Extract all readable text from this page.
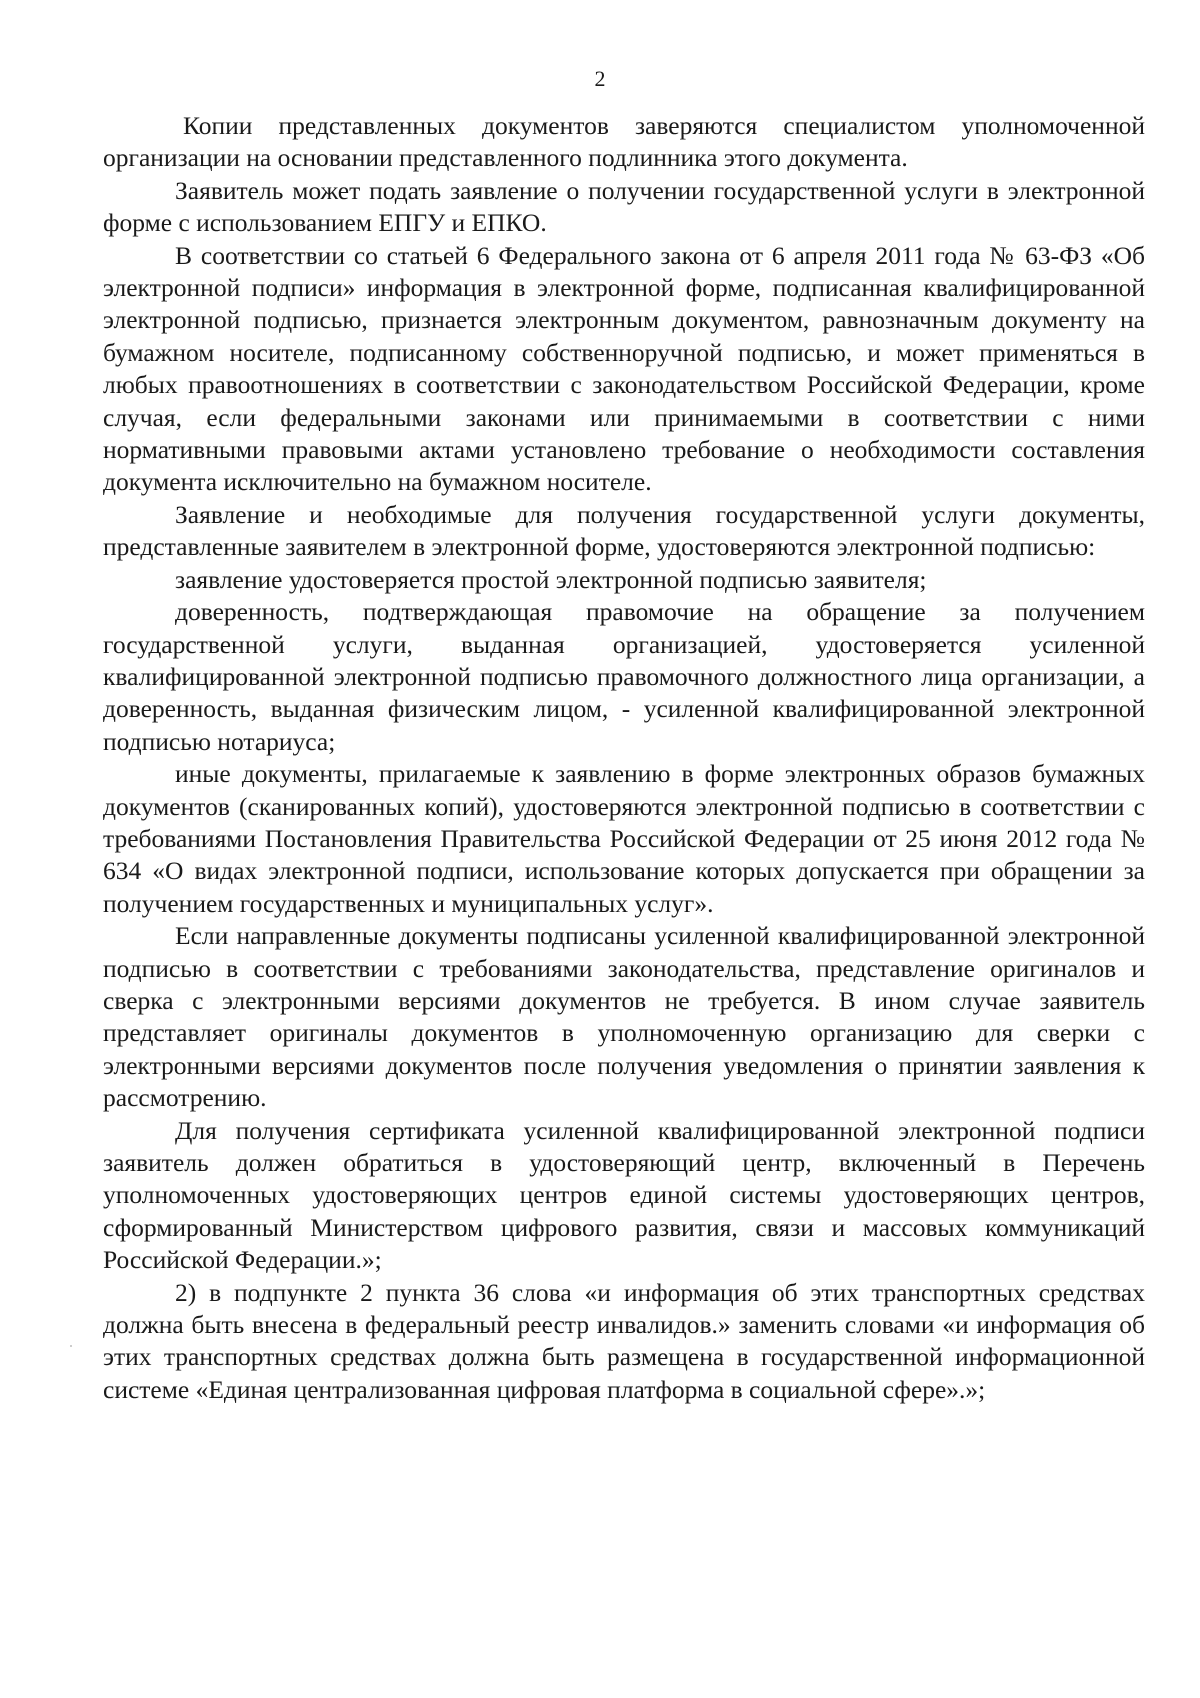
2

Копии представленных документов заверяются специалистом уполномоченной организации на основании представленного подлинника этого документа.

Заявитель может подать заявление о получении государственной услуги в электронной форме с использованием ЕПГУ и ЕПКО.

В соответствии со статьей 6 Федерального закона от 6 апреля 2011 года № 63-ФЗ «Об электронной подписи» информация в электронной форме, подписанная квалифицированной электронной подписью, признается электронным документом, равнозначным документу на бумажном носителе, подписанному собственноручной подписью, и может применяться в любых правоотношениях в соответствии с законодательством Российской Федерации, кроме случая, если федеральными законами или принимаемыми в соответствии с ними нормативными правовыми актами установлено требование о необходимости составления документа исключительно на бумажном носителе.

Заявление и необходимые для получения государственной услуги документы, представленные заявителем в электронной форме, удостоверяются электронной подписью:

заявление удостоверяется простой электронной подписью заявителя;

доверенность, подтверждающая правомочие на обращение за получением государственной услуги, выданная организацией, удостоверяется усиленной квалифицированной электронной подписью правомочного должностного лица организации, а доверенность, выданная физическим лицом, - усиленной квалифицированной электронной подписью нотариуса;

иные документы, прилагаемые к заявлению в форме электронных образов бумажных документов (сканированных копий), удостоверяются электронной подписью в соответствии с требованиями Постановления Правительства Российской Федерации от 25 июня 2012 года № 634 «О видах электронной подписи, использование которых допускается при обращении за получением государственных и муниципальных услуг».

Если направленные документы подписаны усиленной квалифицированной электронной подписью в соответствии с требованиями законодательства, представление оригиналов и сверка с электронными версиями документов не требуется. В ином случае заявитель представляет оригиналы документов в уполномоченную организацию для сверки с электронными версиями документов после получения уведомления о принятии заявления к рассмотрению.

Для получения сертификата усиленной квалифицированной электронной подписи заявитель должен обратиться в удостоверяющий центр, включенный в Перечень уполномоченных удостоверяющих центров единой системы удостоверяющих центров, сформированный Министерством цифрового развития, связи и массовых коммуникаций Российской Федерации.»;

2) в подпункте 2 пункта 36 слова «и информация об этих транспортных средствах должна быть внесена в федеральный реестр инвалидов.» заменить словами «и информация об этих транспортных средствах должна быть размещена в государственной информационной системе «Единая централизованная цифровая платформа в социальной сфере».»;
